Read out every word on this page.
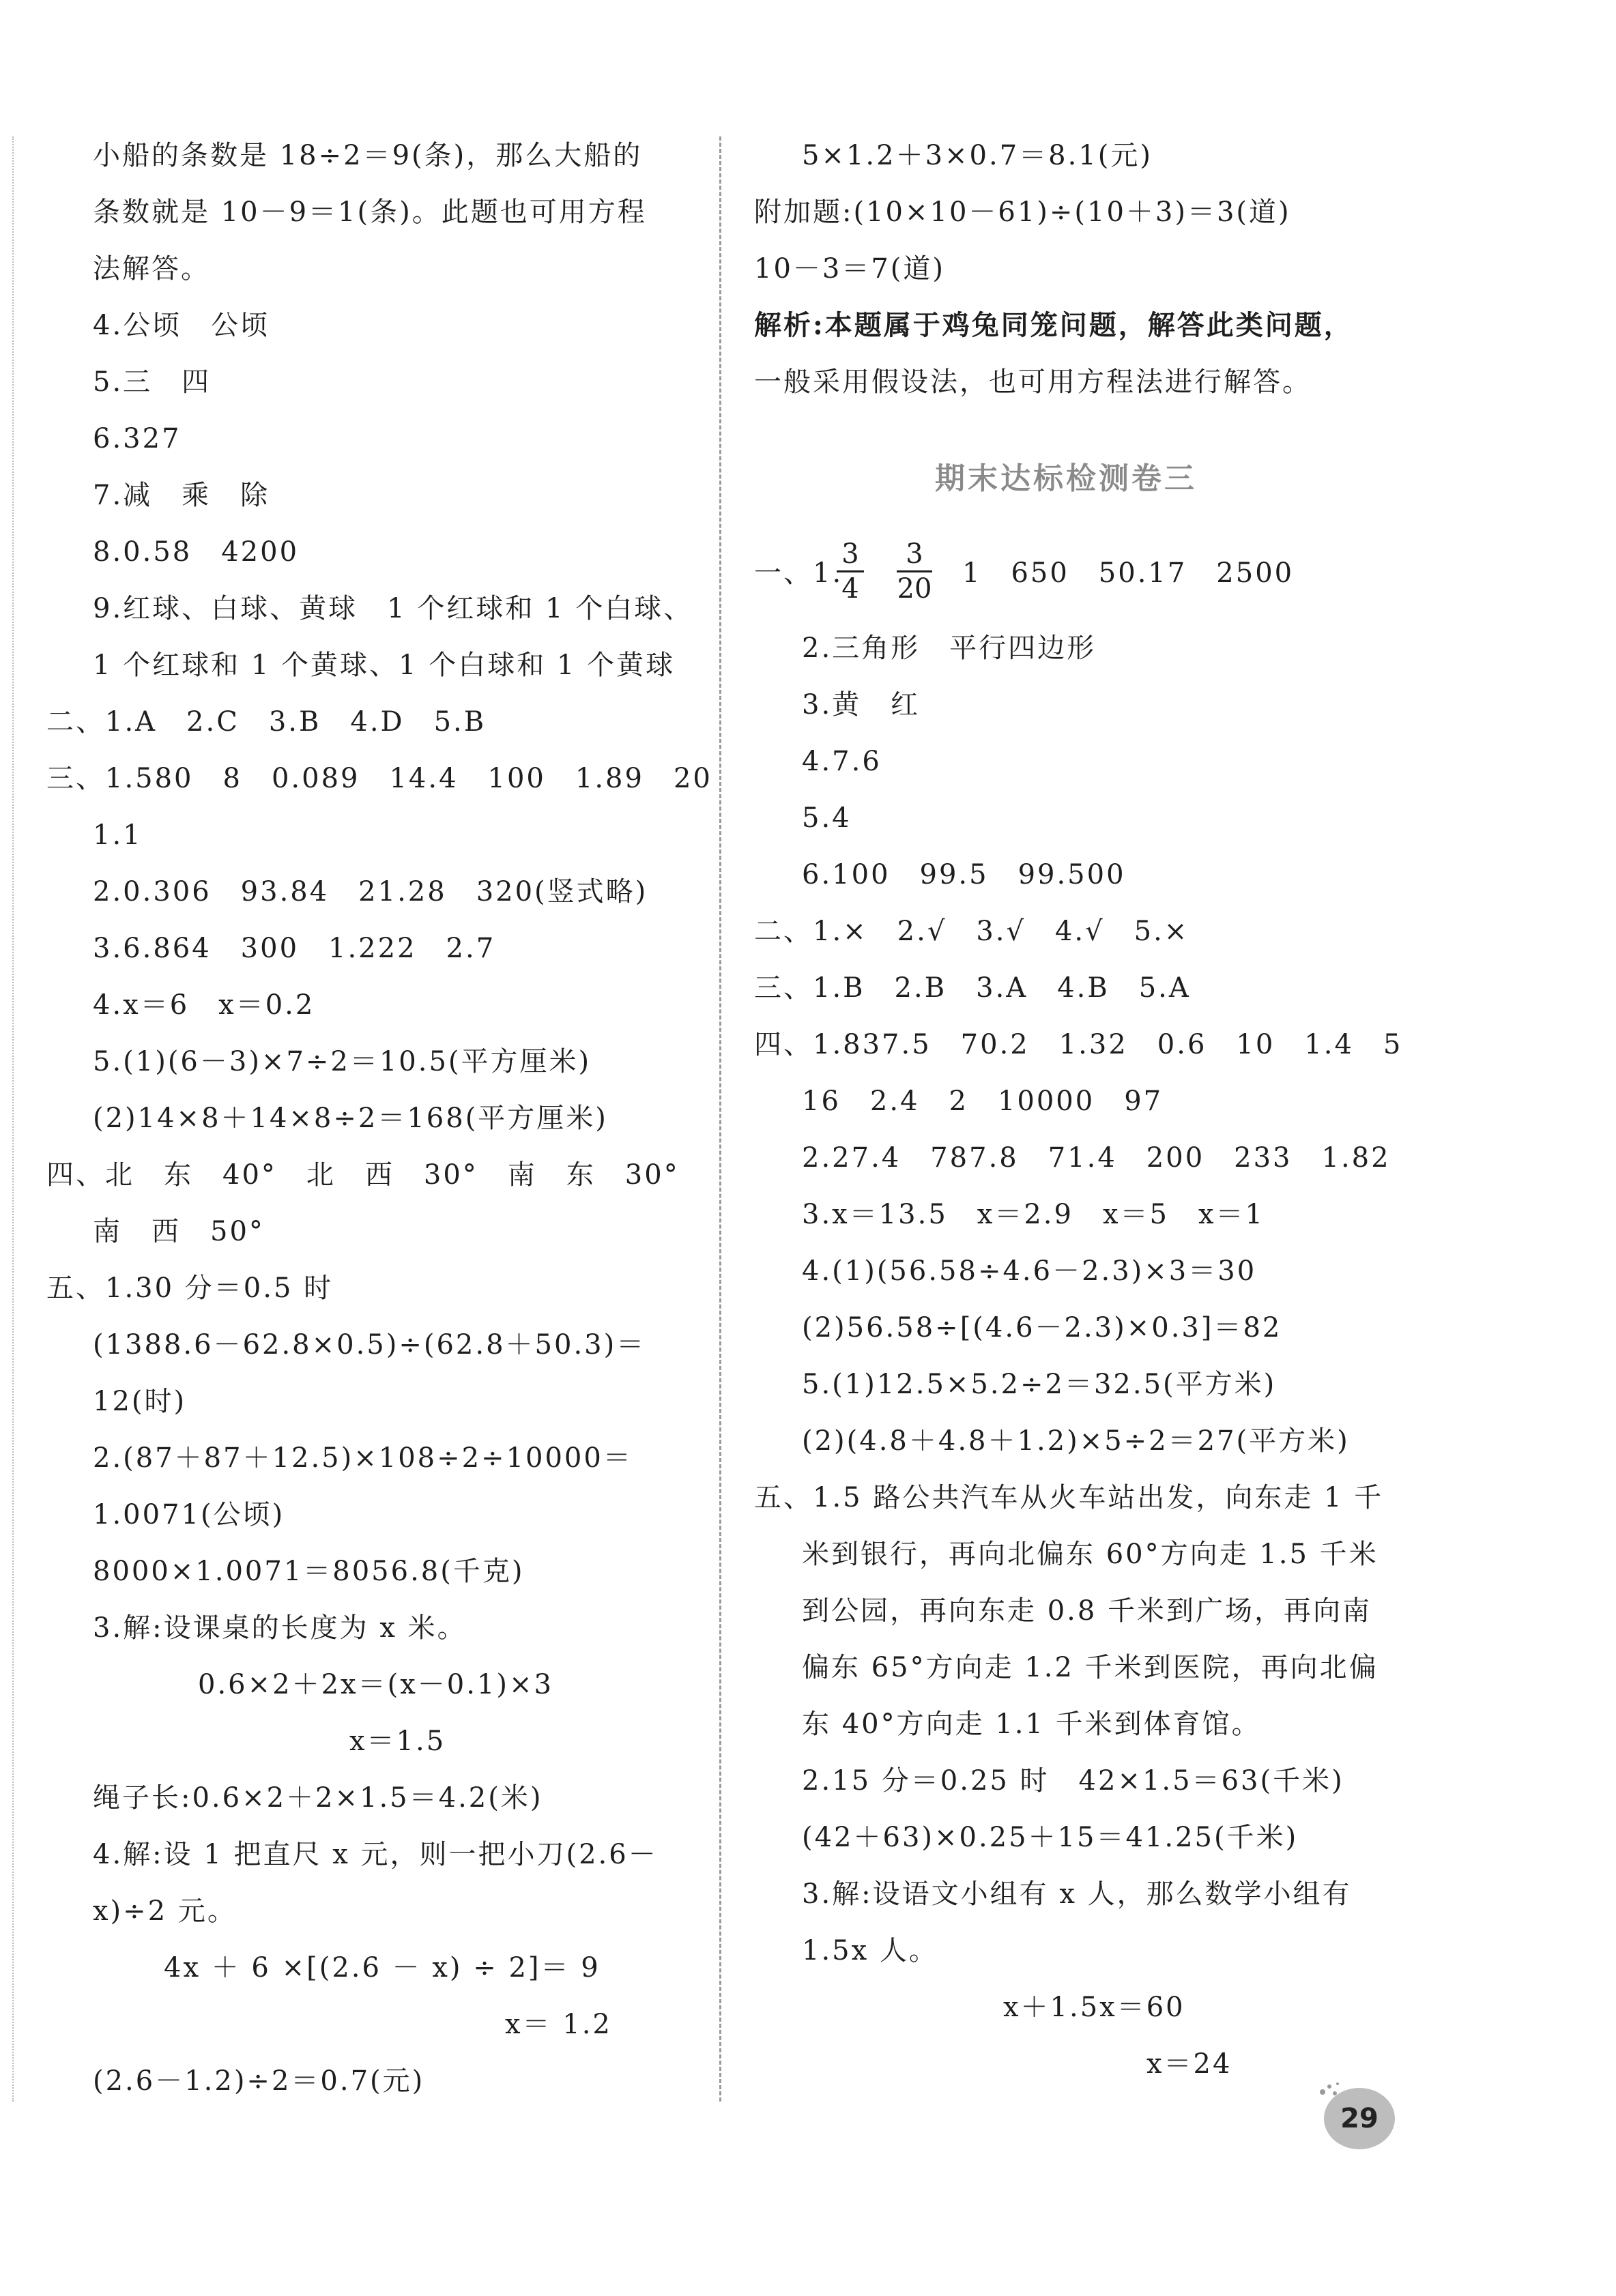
小船的条数是 18÷2＝9(条)，那么大船的
条数就是 10－9＝1(条)。此题也可用方程
法解答。
4.公顷　公顷
5.三　四
6.327
7.减　乘　除
8.0.58　4200
9.红球、白球、黄球　1 个红球和 1 个白球、
1 个红球和 1 个黄球、1 个白球和 1 个黄球
二、1.A　2.C　3.B　4.D　5.B
三、1.580　8　0.089　14.4　100　1.89　20
1.1
2.0.306　93.84　21.28　320(竖式略)
3.6.864　300　1.222　2.7
4.x＝6　x＝0.2
5.(1)(6－3)×7÷2＝10.5(平方厘米)
(2)14×8＋14×8÷2＝168(平方厘米)
四、北　东　40°　北　西　30°　南　东　30°
南　西　50°
五、1.30 分＝0.5 时
(1388.6－62.8×0.5)÷(62.8＋50.3)＝
12(时)
2.(87＋87＋12.5)×108÷2÷10000＝
1.0071(公顷)
8000×1.0071＝8056.8(千克)
3.解:设课桌的长度为 x 米。
0.6×2＋2x＝(x－0.1)×3
x＝1.5
绳子长:0.6×2＋2×1.5＝4.2(米)
4.解:设 1 把直尺 x 元，则一把小刀(2.6－
x)÷2 元。
4x ＋ 6 ×[(2.6 － x) ÷ 2]＝ 9
x＝ 1.2
(2.6－1.2)÷2＝0.7(元)
5×1.2＋3×0.7＝8.1(元)
附加题:(10×10－61)÷(10＋3)＝3(道)
10－3＝7(道)
解析:本题属于鸡兔同笼问题，解答此类问题，
一般采用假设法，也可用方程法进行解答。
期末达标检测卷三
一、1.
3
4
3
20 1　650　50.17　2500
2.三角形　平行四边形
3.黄　红
4.7.6
5.4
6.100　99.5　99.500
二、1.×　2.√　3.√　4.√　5.×
三、1.B　2.B　3.A　4.B　5.A
四、1.837.5　70.2　1.32　0.6　10　1.4　5
16　2.4　2　10000　97
2.27.4　787.8　71.4　200　233　1.82
3.x＝13.5　x＝2.9　x＝5　x＝1
4.(1)(56.58÷4.6－2.3)×3＝30
(2)56.58÷[(4.6－2.3)×0.3]＝82
5.(1)12.5×5.2÷2＝32.5(平方米)
(2)(4.8＋4.8＋1.2)×5÷2＝27(平方米)
五、1.5 路公共汽车从火车站出发，向东走 1 千
米到银行，再向北偏东 60°方向走 1.5 千米
到公园，再向东走 0.8 千米到广场，再向南
偏东 65°方向走 1.2 千米到医院，再向北偏
东 40°方向走 1.1 千米到体育馆。
2.15 分＝0.25 时　42×1.5＝63(千米)
(42＋63)×0.25＋15＝41.25(千米)
3.解:设语文小组有 x 人，那么数学小组有
1.5x 人。
x＋1.5x＝60
x＝24
29
